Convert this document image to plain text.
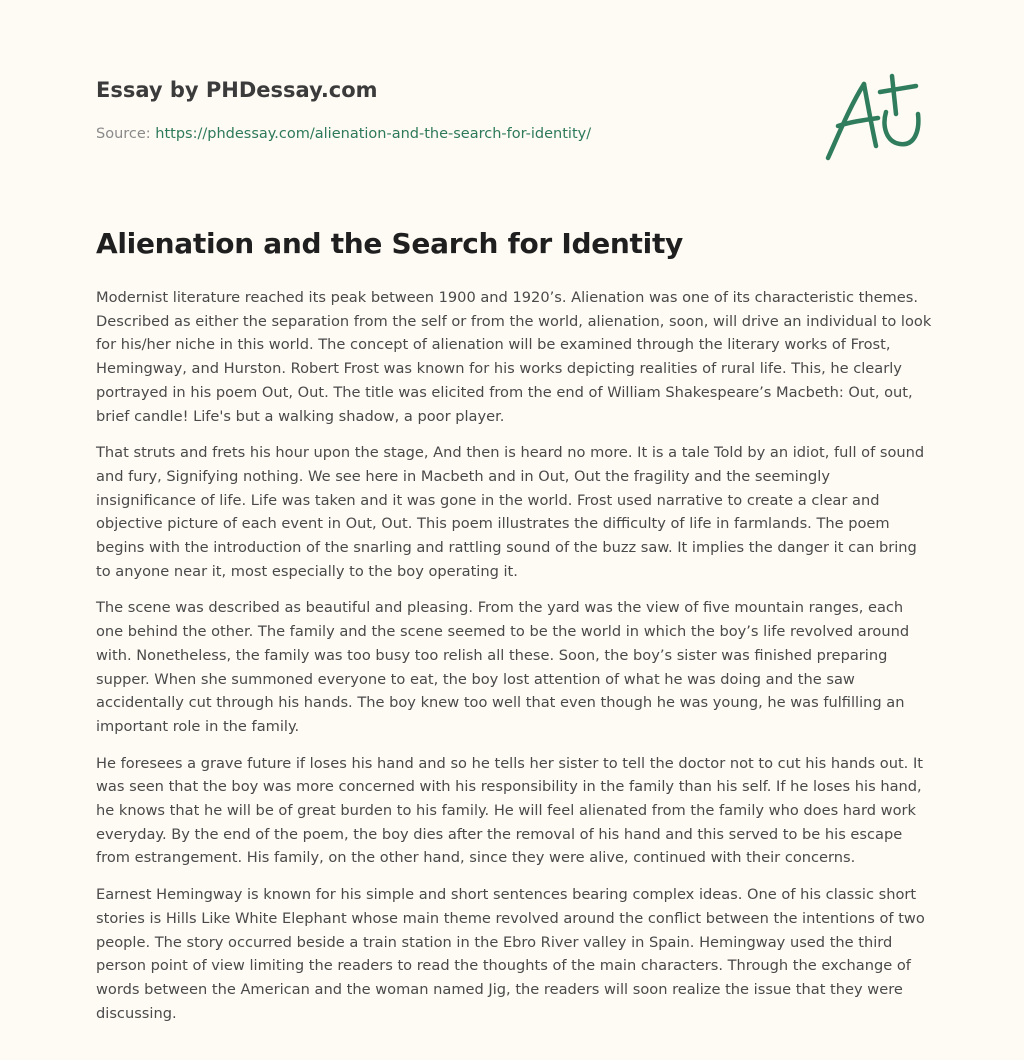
Essay by PHDessay.com
Source: https://phdessay.com/alienation-and-the-search-for-identity/
Alienation and the Search for Identity

Modernist literature reached its peak between 1900 and 1920’s. Alienation was one of its characteristic themes. Described as either the separation from the self or from the world, alienation, soon, will drive an individual to look for his/her niche in this world. The concept of alienation will be examined through the literary works of Frost, Hemingway, and Hurston. Robert Frost was known for his works depicting realities of rural life. This, he clearly portrayed in his poem Out, Out. The title was elicited from the end of William Shakespeare’s Macbeth: Out, out, brief candle! Life's but a walking shadow, a poor player.

That struts and frets his hour upon the stage, And then is heard no more. It is a tale Told by an idiot, full of sound and fury, Signifying nothing. We see here in Macbeth and in Out, Out the fragility and the seemingly insignificance of life. Life was taken and it was gone in the world. Frost used narrative to create a clear and objective picture of each event in Out, Out. This poem illustrates the difficulty of life in farmlands. The poem begins with the introduction of the snarling and rattling sound of the buzz saw. It implies the danger it can bring to anyone near it, most especially to the boy operating it.

The scene was described as beautiful and pleasing. From the yard was the view of five mountain ranges, each one behind the other. The family and the scene seemed to be the world in which the boy’s life revolved around with. Nonetheless, the family was too busy too relish all these. Soon, the boy’s sister was finished preparing supper. When she summoned everyone to eat, the boy lost attention of what he was doing and the saw accidentally cut through his hands. The boy knew too well that even though he was young, he was fulfilling an important role in the family.

He foresees a grave future if loses his hand and so he tells her sister to tell the doctor not to cut his hands out. It was seen that the boy was more concerned with his responsibility in the family than his self. If he loses his hand, he knows that he will be of great burden to his family. He will feel alienated from the family who does hard work everyday. By the end of the poem, the boy dies after the removal of his hand and this served to be his escape from estrangement. His family, on the other hand, since they were alive, continued with their concerns.

Earnest Hemingway is known for his simple and short sentences bearing complex ideas. One of his classic short stories is Hills Like White Elephant whose main theme revolved around the conflict between the intentions of two people. The story occurred beside a train station in the Ebro River valley in Spain. Hemingway used the third person point of view limiting the readers to read the thoughts of the main characters. Through the exchange of words between the American and the woman named Jig, the readers will soon realize the issue that they were discussing.
